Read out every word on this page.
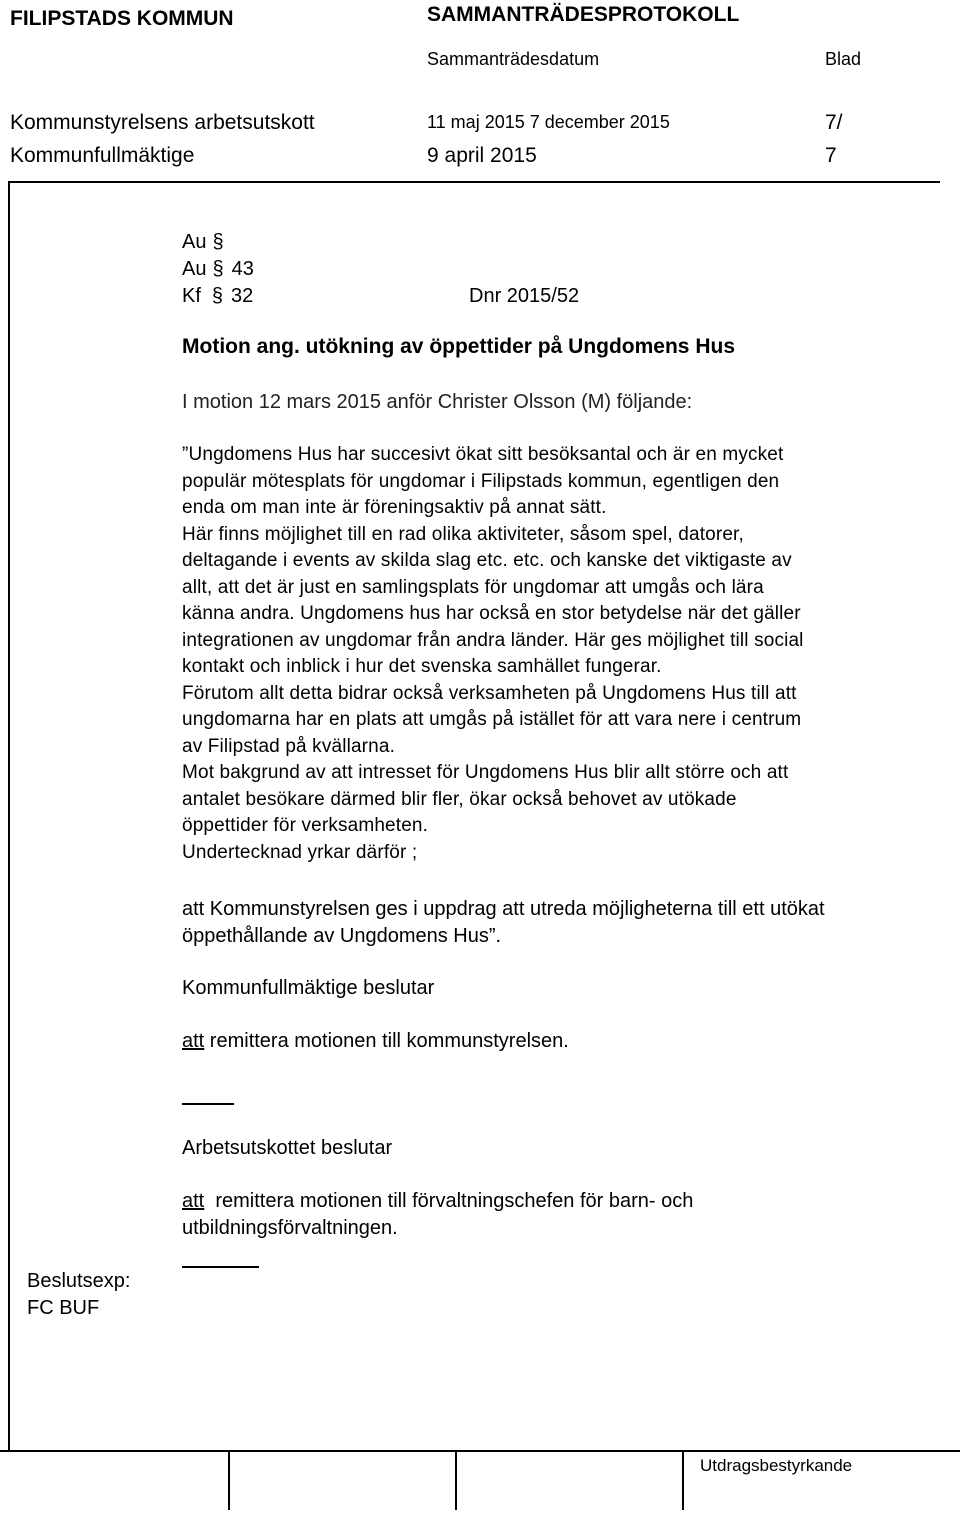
FILIPSTADS KOMMUN	SAMMANTRÄDESPROTOKOLL
Sammanträdesdatum	Blad
Kommunstyrelsens arbetsutskott	11 maj 2015 7 december 2015	7/
Kommunfullmäktige	9 april 2015	7
Au §
Au § 43
Kf § 32	Dnr 2015/52
Motion ang. utökning av öppettider på Ungdomens Hus
I motion 12 mars 2015 anför Christer Olsson (M) följande:
”Ungdomens Hus har succesivt ökat sitt besöksantal och är en mycket
populär mötesplats för ungdomar i Filipstads kommun, egentligen den
enda om man inte är föreningsaktiv på annat sätt.
Här finns möjlighet till en rad olika aktiviteter, såsom spel, datorer,
deltagande i events av skilda slag etc. etc. och kanske det viktigaste av
allt, att det är just en samlingsplats för ungdomar att umgås och lära
känna andra. Ungdomens hus har också en stor betydelse när det gäller
integrationen av ungdomar från andra länder. Här ges möjlighet till social
kontakt och inblick i hur det svenska samhället fungerar.
Förutom allt detta bidrar också verksamheten på Ungdomens Hus till att
ungdomarna har en plats att umgås på istället för att vara nere i centrum
av Filipstad på kvällarna.
Mot bakgrund av att intresset för Ungdomens Hus blir allt större och att
antalet besökare därmed blir fler, ökar också behovet av utökade
öppettider för verksamheten.
Undertecknad yrkar därför ;
att Kommunstyrelsen ges i uppdrag att utreda möjligheterna till ett utökat
öppethållande av Ungdomens Hus”.
Kommunfullmäktige beslutar
att remittera motionen till kommunstyrelsen.
Arbetsutskottet beslutar
att  remittera motionen till förvaltningschefen för barn- och
utbildningsförvaltningen.
Beslutsexp:
FC BUF
Utdragsbestyrkande
